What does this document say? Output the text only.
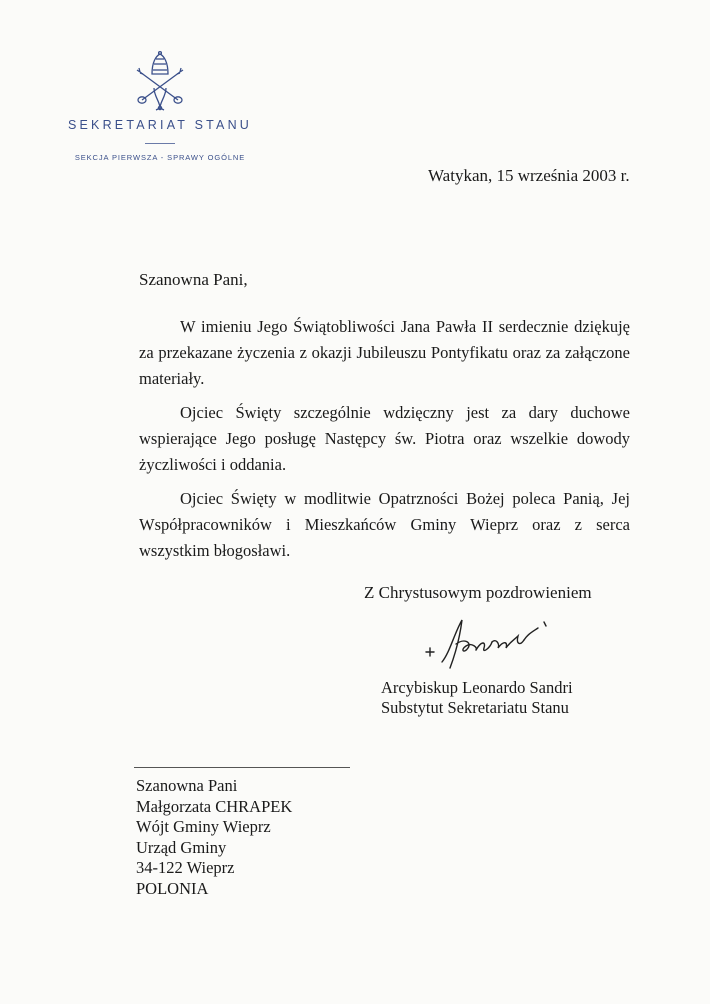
SEKRETARIAT STANU
SEKCJA PIERWSZA - SPRAWY OGÓLNE
Watykan, 15 września 2003 r.
Szanowna Pani,

W imieniu Jego Świątobliwości Jana Pawła II serdecznie dziękuję za przekazane życzenia z okazji Jubileuszu Pontyfikatu oraz za załączone materiały.

Ojciec Święty szczególnie wdzięczny jest za dary duchowe wspierające Jego posługę Następcy św. Piotra oraz wszelkie dowody życzliwości i oddania.

Ojciec Święty w modlitwie Opatrzności Bożej poleca Panią, Jej Współpracowników i Mieszkańców Gminy Wieprz oraz z serca wszystkim błogosławi.

Z Chrystusowym pozdrowieniem
Arcybiskup Leonardo Sandri
Substytut Sekretariatu Stanu
Szanowna Pani
Małgorzata CHRAPEK
Wójt Gminy Wieprz
Urząd Gminy
34-122 Wieprz
POLONIA
